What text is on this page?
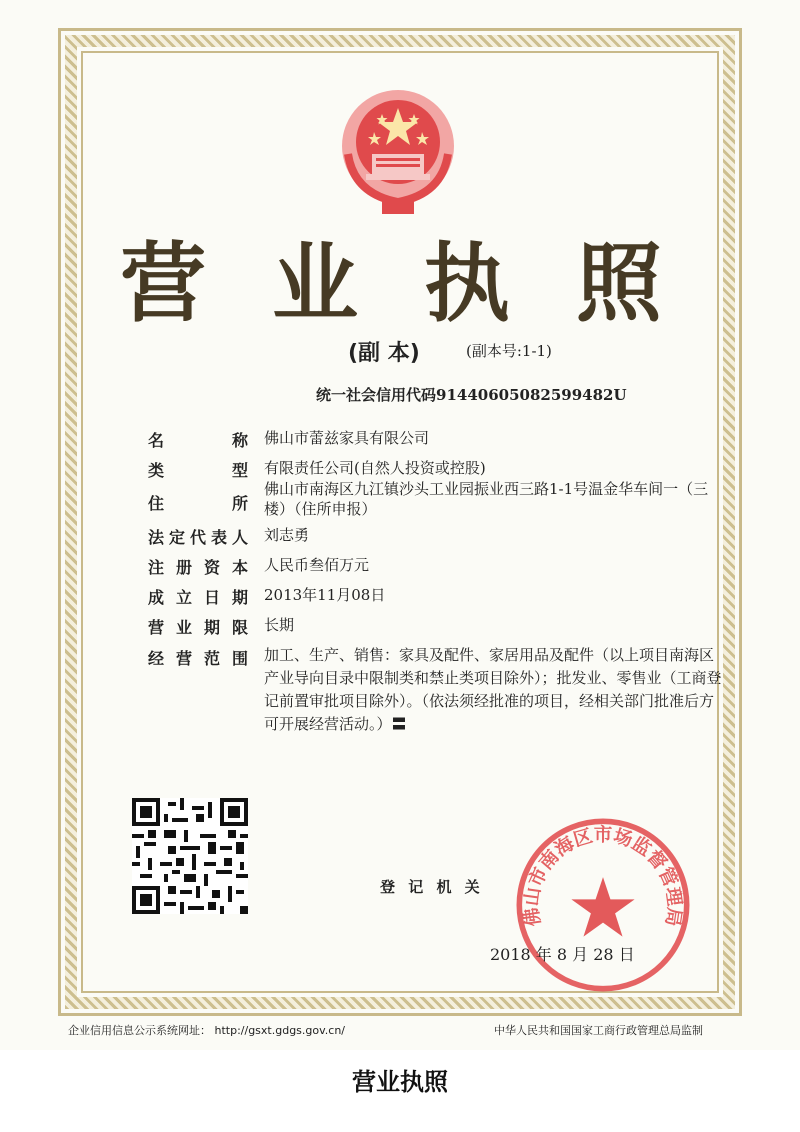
营 业 执 照
(副 本)	(副本号:1-1)
统一社会信用代码91440605082599482U
名称 佛山市蕾兹家具有限公司
类型 有限责任公司(自然人投资或控股)
住所
佛山市南海区九江镇沙头工业园振业西三路1-1号温金华车间一（三楼）（住所申报）
法定代表人 刘志勇
注册资本 人民币叁佰万元
成立日期 2013年11月08日
营业期限 长期
经营范围 加工、生产、销售：家具及配件、家居用品及配件（以上项目南海区产业导向目录中限制类和禁止类项目除外）；批发业、零售业（工商登记前置审批项目除外）。（依法须经批准的项目，经相关部门批准后方可开展经营活动。）〓
登 记 机 关
佛山市南海区市场监督管理局
2018 年 8 月 28 日
企业信用信息公示系统网址： http://gsxt.gdgs.gov.cn/	中华人民共和国国家工商行政管理总局监制
营业执照
